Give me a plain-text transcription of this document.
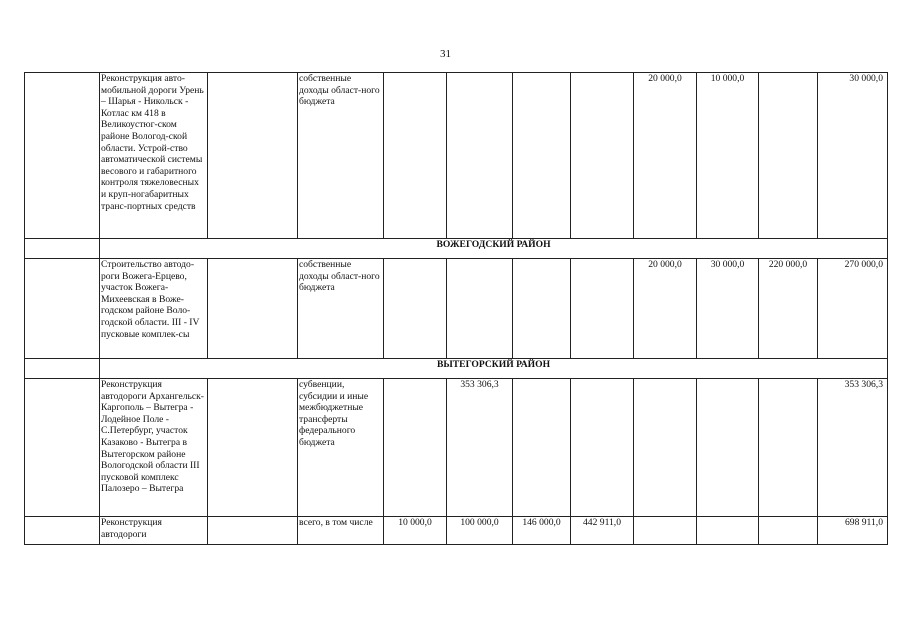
31
	Реконструкция авто-мобильной дороги Урень – Шарья - Никольск - Котлас км 418 в Великоустюг-ском районе Вологод-ской области. Устрой-ство автоматической системы весового и габаритного контроля тяжеловесных и круп-ногабаритных транс-портных средств		собственные доходы област-ного бюджета					20 000,0	10 000,0		30 000,0
	ВОЖЕГОДСКИЙ РАЙОН										
	Строительство автодо-роги Вожега-Ерцево, участок Вожега-Михеевская в Воже-годском районе Воло-годской области. III - IV пусковые комплек-сы		собственные доходы област-ного бюджета					20 000,0	30 000,0	220 000,0	270 000,0
	ВЫТЕГОРСКИЙ РАЙОН										
	Реконструкция автодороги Архангельск-Каргополь – Вытегра - Лодейное Поле - С.Петербург, участок Казаково - Вытегра в Вытегорском районе Вологодской области III пусковой комплекс Палозеро – Вытегра		субвенции, субсидии и иные межбюджетные трансферты федерального бюджета		353 306,3						353 306,3
	Реконструкция автодороги		всего, в том числе	10 000,0	100 000,0	146 000,0	442 911,0				698 911,0
